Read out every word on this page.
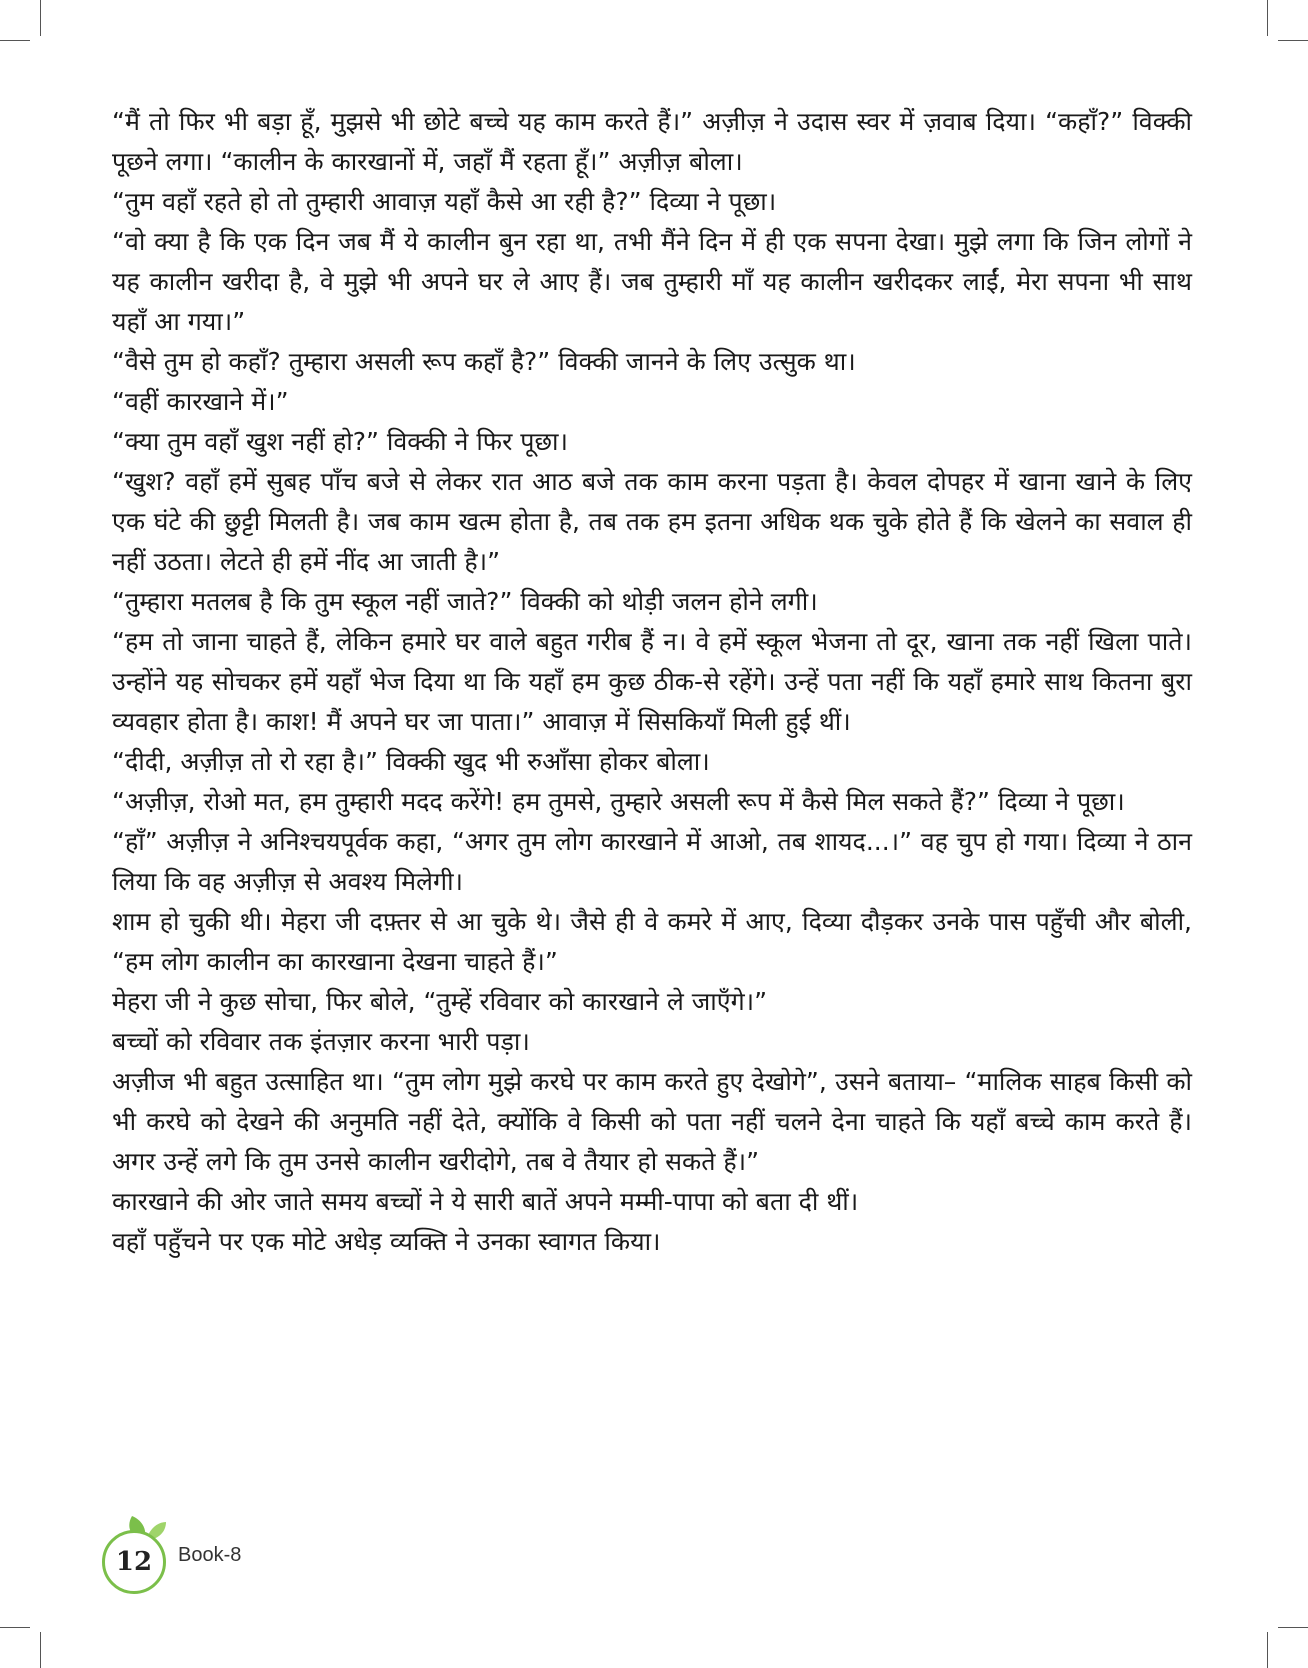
“मैं तो फिर भी बड़ा हूँ, मुझसे भी छोटे बच्चे यह काम करते हैं।” अज़ीज़ ने उदास स्वर में ज़वाब दिया। “कहाँ?” विक्की पूछने लगा। “कालीन के कारखानों में, जहाँ मैं रहता हूँ।” अज़ीज़ बोला।

“तुम वहाँ रहते हो तो तुम्हारी आवाज़ यहाँ कैसे आ रही है?” दिव्या ने पूछा।

“वो क्या है कि एक दिन जब मैं ये कालीन बुन रहा था, तभी मैंने दिन में ही एक सपना देखा। मुझे लगा कि जिन लोगों ने यह कालीन खरीदा है, वे मुझे भी अपने घर ले आए हैं। जब तुम्हारी माँ यह कालीन खरीदकर लाईं, मेरा सपना भी साथ यहाँ आ गया।”

“वैसे तुम हो कहाँ? तुम्हारा असली रूप कहाँ है?” विक्की जानने के लिए उत्सुक था।

“वहीं कारखाने में।”

“क्या तुम वहाँ खुश नहीं हो?” विक्की ने फिर पूछा।

“खुश? वहाँ हमें सुबह पाँच बजे से लेकर रात आठ बजे तक काम करना पड़ता है। केवल दोपहर में खाना खाने के लिए एक घंटे की छुट्टी मिलती है। जब काम खत्म होता है, तब तक हम इतना अधिक थक चुके होते हैं कि खेलने का सवाल ही नहीं उठता। लेटते ही हमें नींद आ जाती है।”

“तुम्हारा मतलब है कि तुम स्कूल नहीं जाते?” विक्की को थोड़ी जलन होने लगी।

“हम तो जाना चाहते हैं, लेकिन हमारे घर वाले बहुत गरीब हैं न। वे हमें स्कूल भेजना तो दूर, खाना तक नहीं खिला पाते। उन्होंने यह सोचकर हमें यहाँ भेज दिया था कि यहाँ हम कुछ ठीक-से रहेंगे। उन्हें पता नहीं कि यहाँ हमारे साथ कितना बुरा व्यवहार होता है। काश! मैं अपने घर जा पाता।” आवाज़ में सिसकियाँ मिली हुई थीं।

“दीदी, अज़ीज़ तो रो रहा है।” विक्की खुद भी रुआँसा होकर बोला।

“अज़ीज़, रोओ मत, हम तुम्हारी मदद करेंगे! हम तुमसे, तुम्हारे असली रूप में कैसे मिल सकते हैं?” दिव्या ने पूछा।

“हाँ” अज़ीज़ ने अनिश्चयपूर्वक कहा, “अगर तुम लोग कारखाने में आओ, तब शायद...।” वह चुप हो गया। दिव्या ने ठान लिया कि वह अज़ीज़ से अवश्य मिलेगी।

शाम हो चुकी थी। मेहरा जी दफ़्तर से आ चुके थे। जैसे ही वे कमरे में आए, दिव्या दौड़कर उनके पास पहुँची और बोली, “हम लोग कालीन का कारखाना देखना चाहते हैं।”

मेहरा जी ने कुछ सोचा, फिर बोले, “तुम्हें रविवार को कारखाने ले जाएँगे।”

बच्चों को रविवार तक इंतज़ार करना भारी पड़ा।

अज़ीज भी बहुत उत्साहित था। “तुम लोग मुझे करघे पर काम करते हुए देखोगे”, उसने बताया– “मालिक साहब किसी को भी करघे को देखने की अनुमति नहीं देते, क्योंकि वे किसी को पता नहीं चलने देना चाहते कि यहाँ बच्चे काम करते हैं। अगर उन्हें लगे कि तुम उनसे कालीन खरीदोगे, तब वे तैयार हो सकते हैं।”

कारखाने की ओर जाते समय बच्चों ने ये सारी बातें अपने मम्मी-पापा को बता दी थीं।

वहाँ पहुँचने पर एक मोटे अधेड़ व्यक्ति ने उनका स्वागत किया।

12	Book-8
